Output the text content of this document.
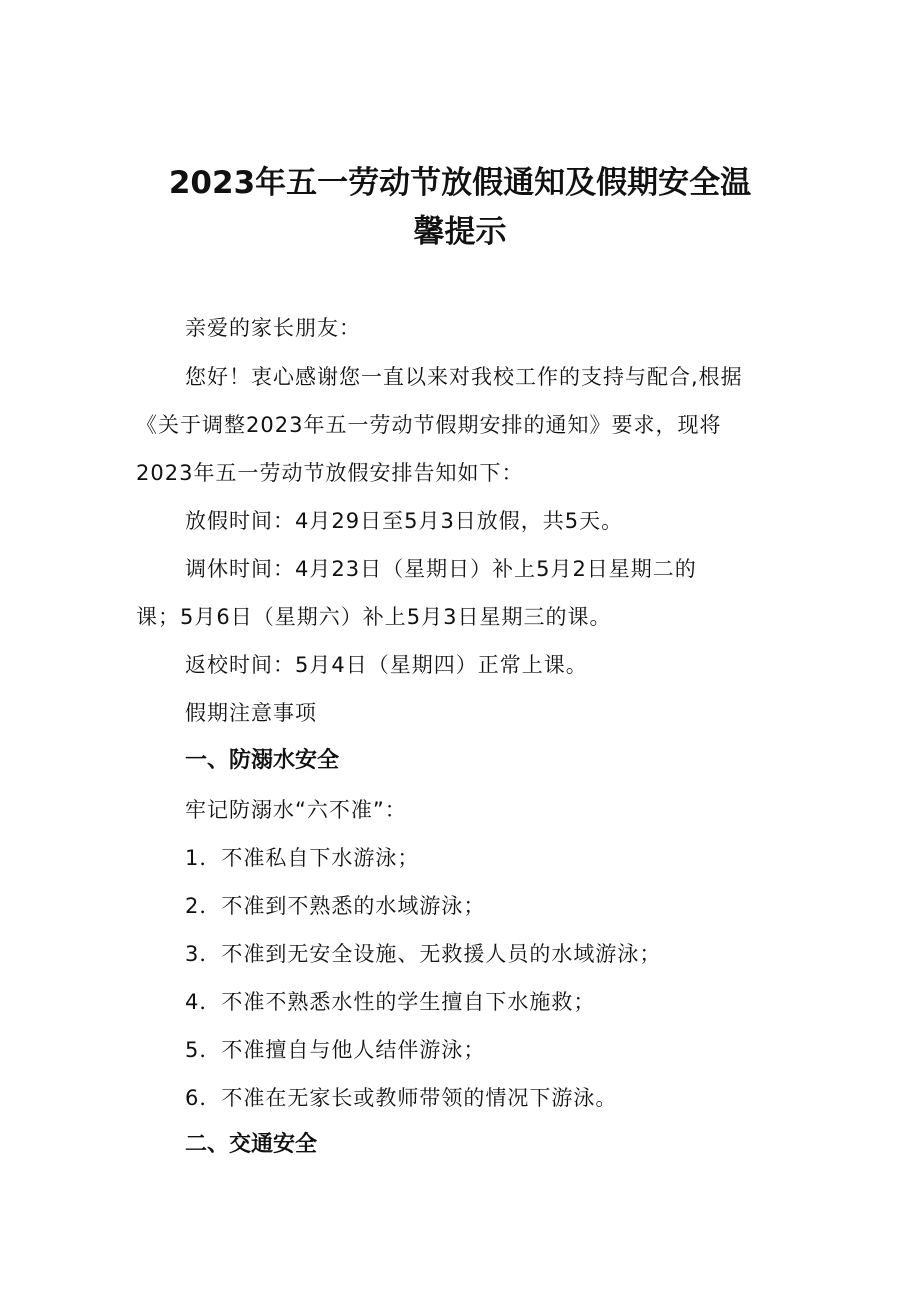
2023年五一劳动节放假通知及假期安全温
馨提示

亲爱的家长朋友：

您好！衷心感谢您一直以来对我校工作的支持与配合,根据

《关于调整2023年五一劳动节假期安排的通知》要求，现将

2023年五一劳动节放假安排告知如下：

放假时间：4月29日至5月3日放假，共5天。

调休时间：4月23日（星期日）补上5月2日星期二的

课；5月6日（星期六）补上5月3日星期三的课。

返校时间：5月4日（星期四）正常上课。

假期注意事项

一、防溺水安全

牢记防溺水“六不准”：

1．不准私自下水游泳；

2．不准到不熟悉的水域游泳；

3．不准到无安全设施、无救援人员的水域游泳；

4．不准不熟悉水性的学生擅自下水施救；

5．不准擅自与他人结伴游泳；

6．不准在无家长或教师带领的情况下游泳。

二、交通安全
